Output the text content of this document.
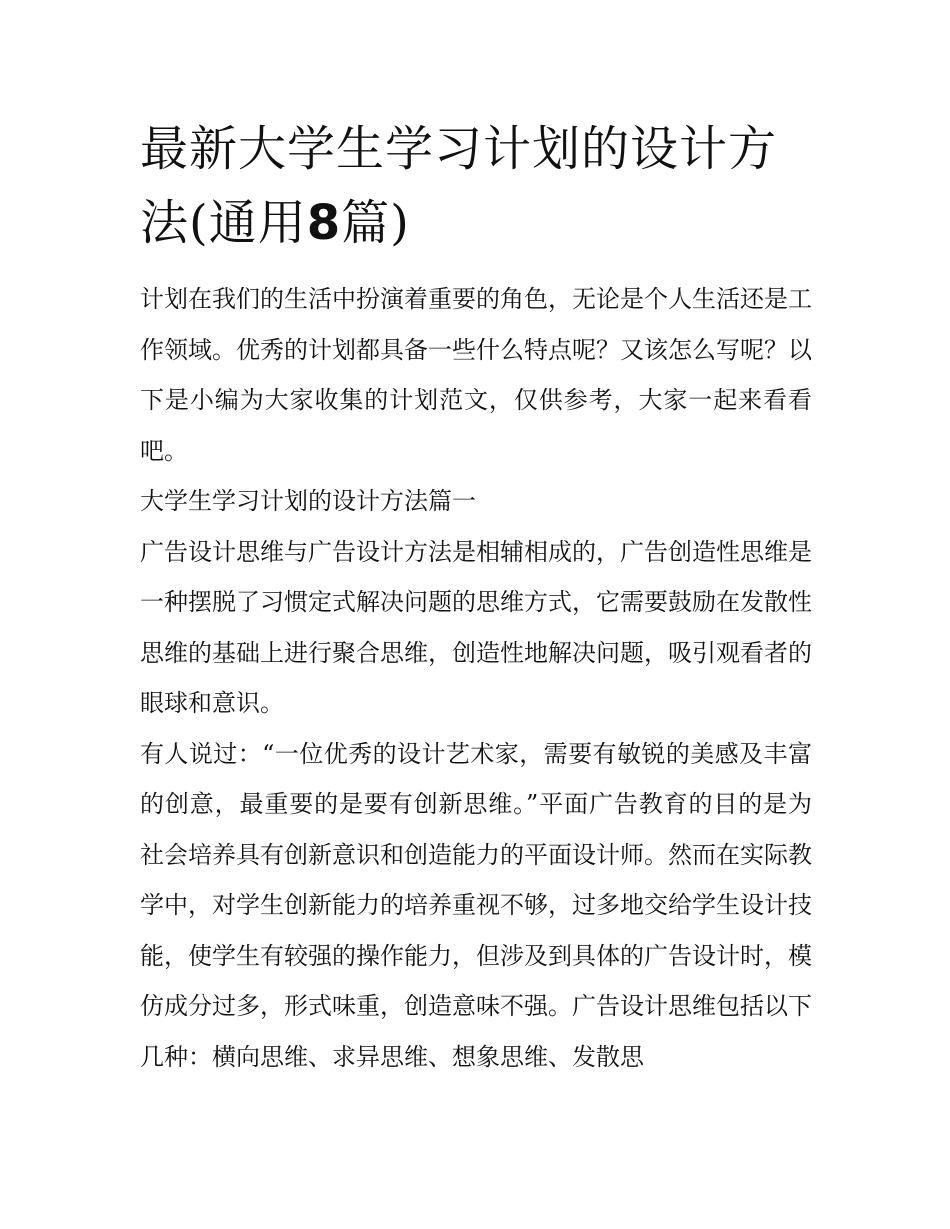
最新大学生学习计划的设计方法(通用8篇)

计划在我们的生活中扮演着重要的角色，无论是个人生活还是工作领域。优秀的计划都具备一些什么特点呢？又该怎么写呢？以下是小编为大家收集的计划范文，仅供参考，大家一起来看看吧。

大学生学习计划的设计方法篇一

广告设计思维与广告设计方法是相辅相成的，广告创造性思维是一种摆脱了习惯定式解决问题的思维方式，它需要鼓励在发散性思维的基础上进行聚合思维，创造性地解决问题，吸引观看者的眼球和意识。

有人说过：“一位优秀的设计艺术家，需要有敏锐的美感及丰富的创意，最重要的是要有创新思维。”平面广告教育的目的是为社会培养具有创新意识和创造能力的平面设计师。然而在实际教学中，对学生创新能力的培养重视不够，过多地交给学生设计技能，使学生有较强的操作能力，但涉及到具体的广告设计时，模仿成分过多，形式味重，创造意味不强。广告设计思维包括以下几种：横向思维、求异思维、想象思维、发散思
